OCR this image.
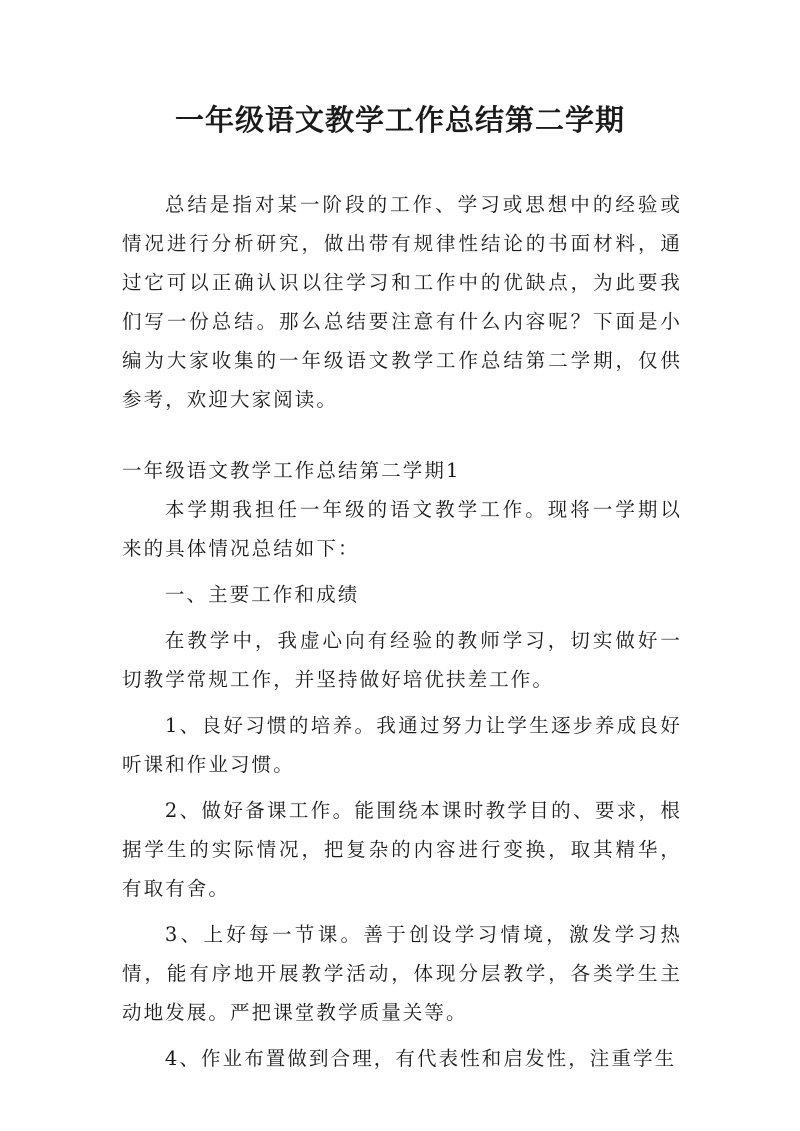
一年级语文教学工作总结第二学期

总结是指对某一阶段的工作、学习或思想中的经验或情况进行分析研究，做出带有规律性结论的书面材料，通过它可以正确认识以往学习和工作中的优缺点，为此要我们写一份总结。那么总结要注意有什么内容呢？下面是小编为大家收集的一年级语文教学工作总结第二学期，仅供参考，欢迎大家阅读。

一年级语文教学工作总结第二学期1

本学期我担任一年级的语文教学工作。现将一学期以来的具体情况总结如下：

一、主要工作和成绩

在教学中，我虚心向有经验的教师学习，切实做好一切教学常规工作，并坚持做好培优扶差工作。

1、良好习惯的培养。我通过努力让学生逐步养成良好听课和作业习惯。

2、做好备课工作。能围绕本课时教学目的、要求，根据学生的实际情况，把复杂的内容进行变换，取其精华，有取有舍。

3、上好每一节课。善于创设学习情境，激发学习热情，能有序地开展教学活动，体现分层教学，各类学生主动地发展。严把课堂教学质量关等。

4、作业布置做到合理，有代表性和启发性，注重学生
